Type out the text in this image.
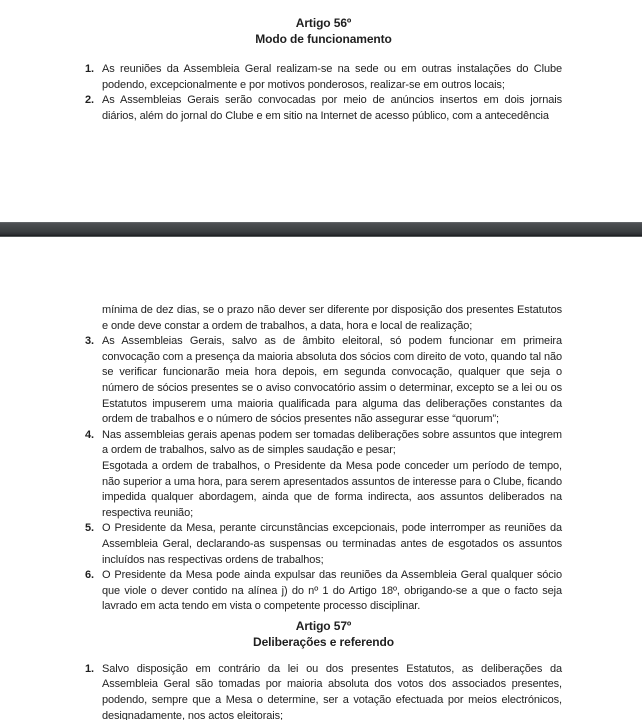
Artigo 56º
Modo de funcionamento
1. As reuniões da Assembleia Geral realizam-se na sede ou em outras instalações do Clube podendo, excepcionalmente e por motivos ponderosos, realizar-se em outros locais;
2. As Assembleias Gerais serão convocadas por meio de anúncios insertos em dois jornais diários, além do jornal do Clube e em sitio na Internet de acesso público, com a antecedência
mínima de dez dias, se o prazo não dever ser diferente por disposição dos presentes Estatutos e onde deve constar a ordem de trabalhos, a data, hora e local de realização;
3. As Assembleias Gerais, salvo as de âmbito eleitoral, só podem funcionar em primeira convocação com a presença da maioria absoluta dos sócios com direito de voto, quando tal não se verificar funcionarão meia hora depois, em segunda convocação, qualquer que seja o número de sócios presentes se o aviso convocatório assim o determinar, excepto se a lei ou os Estatutos impuserem uma maioria qualificada para alguma das deliberações constantes da ordem de trabalhos e o número de sócios presentes não assegurar esse “quorum”;
4. Nas assembleias gerais apenas podem ser tomadas deliberações sobre assuntos que integrem a ordem de trabalhos, salvo as de simples saudação e pesar;
Esgotada a ordem de trabalhos, o Presidente da Mesa pode conceder um período de tempo, não superior a uma hora, para serem apresentados assuntos de interesse para o Clube, ficando impedida qualquer abordagem, ainda que de forma indirecta, aos assuntos deliberados na respectiva reunião;
5. O Presidente da Mesa, perante circunstâncias excepcionais, pode interromper as reuniões da Assembleia Geral, declarando-as suspensas ou terminadas antes de esgotados os assuntos incluídos nas respectivas ordens de trabalhos;
6. O Presidente da Mesa pode ainda expulsar das reuniões da Assembleia Geral qualquer sócio que viole o dever contido na alínea j) do nº 1 do Artigo 18º, obrigando-se a que o facto seja lavrado em acta tendo em vista o competente processo disciplinar.
Artigo 57º
Deliberações e referendo
1. Salvo disposição em contrário da lei ou dos presentes Estatutos, as deliberações da Assembleia Geral são tomadas por maioria absoluta dos votos dos associados presentes, podendo, sempre que a Mesa o determine, ser a votação efectuada por meios electrónicos, designadamente, nos actos eleitorais;
